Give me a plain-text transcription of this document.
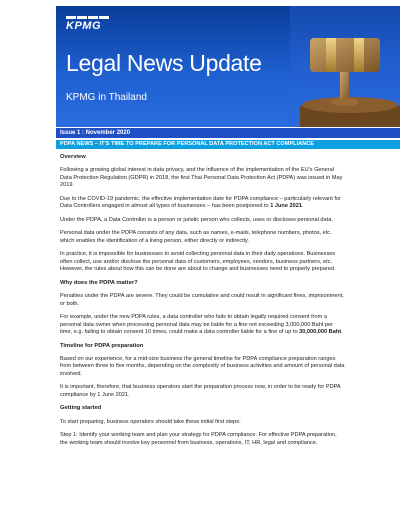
KPMG
Legal News Update
KPMG in Thailand
Issue 1 : November 2020
PDPA NEWS – IT'S TIME TO PREPARE FOR PERSONAL DATA PROTECTION ACT COMPLIANCE
Overview

Following a growing global interest in data privacy, and the influence of the implementation of the EU's General Data Protection Regulation (GDPR) in 2018, the first Thai Personal Data Protection Act (PDPA) was issued in May 2019.

Due to the COVID-19 pandemic, the effective implementation date for PDPA compliance – particularly relevant for Data Controllers engaged in almost all types of businesses – has been postponed to 1 June 2021.

Under the PDPA, a Data Controller is a person or juristic person who collects, uses or discloses personal data.

Personal data under the PDPA consists of any data, such as names, e-mails, telephone numbers, photos, etc. which enables the identification of a living person, either directly or indirectly.

In practice, it is impossible for businesses to avoid collecting personal data in their daily operations. Businesses often collect, use and/or disclose the personal data of customers, employees, vendors, business partners, etc. However, the rules about how this can be done are about to change and businesses need to properly prepared.

Why does the PDPA matter?

Penalties under the PDPA are severe. They could be cumulative and could result in significant fines, imprisonment, or both.

For example, under the new PDPA rules, a data controller who fails to obtain legally required consent from a personal data owner when processing personal data may be liable for a fine not exceeding 3,000,000 Baht per time, e.g. failing to obtain consent 10 times, could make a data controller liable for a fine of up to 30,000,000 Baht.

Timeline for PDPA preparation

Based on our experience, for a mid-size business the general timeline for PDPA compliance preparation ranges from between three to five months, depending on the complexity of business activities and amount of personal data involved.

It is important, therefore, that business operators start the preparation process now, in order to be ready for PDPA compliance by 1 June 2021.

Getting started

To start preparing, business operators should take these initial first steps:

Step 1: Identify your working team and plan your strategy for PDPA compliance. For effective PDPA preparation, the working team should involve key personnel from business, operations, IT, HR, legal and compliance.
